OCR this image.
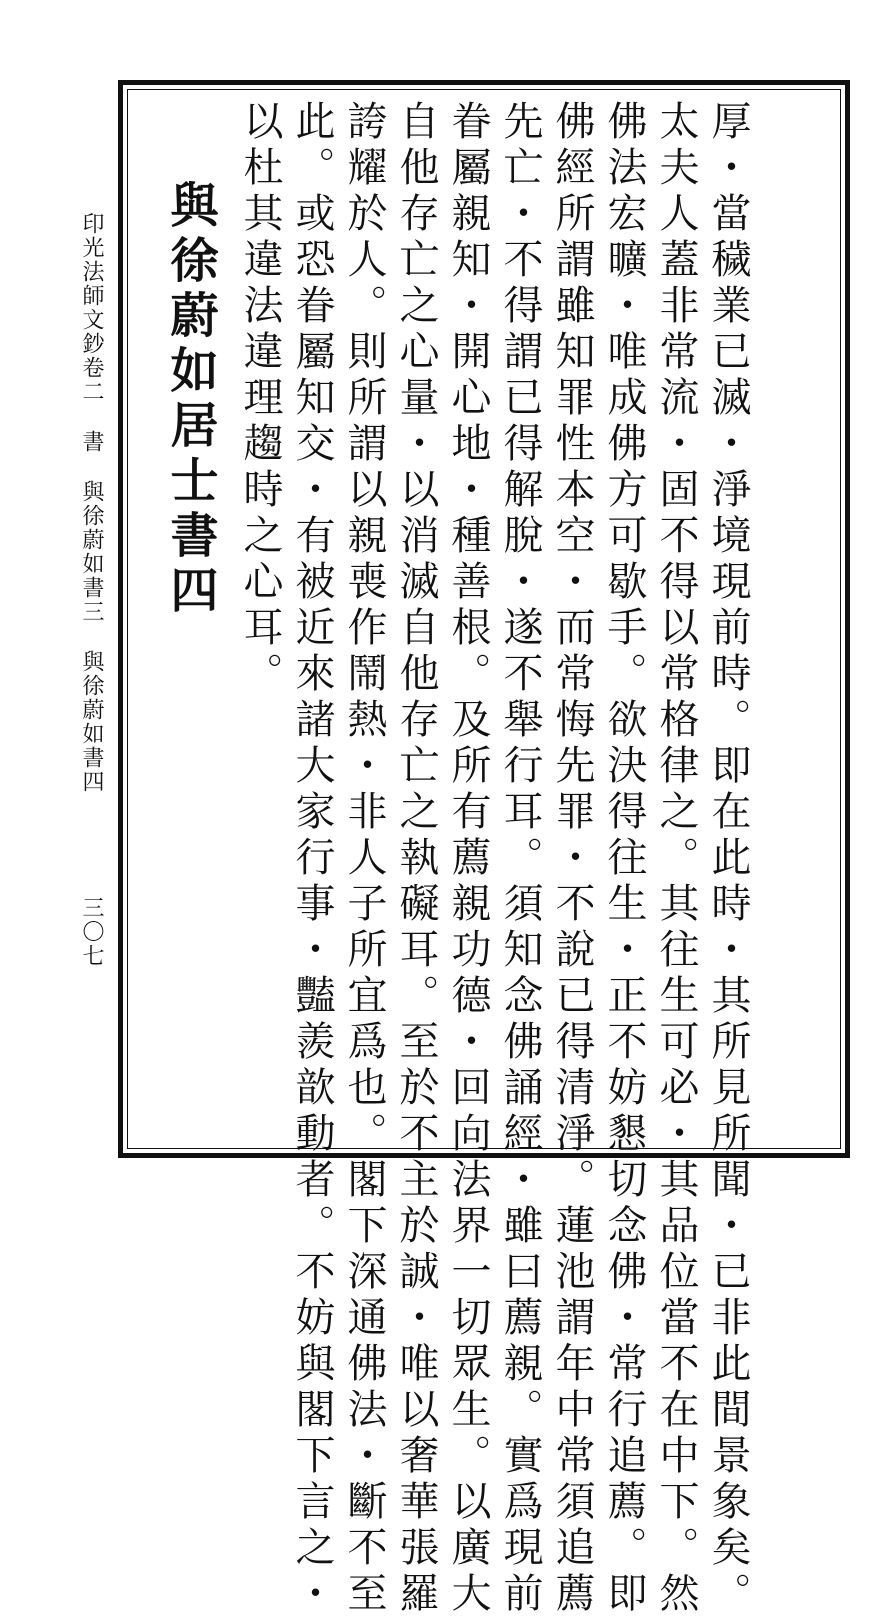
厚・當穢業已滅・淨境現前時。即在此時・其所見所聞・已非此間景象矣。
太夫人蓋非常流・固不得以常格律之。其往生可必・其品位當不在中下。然
佛法宏曠・唯成佛方可歇手。欲決得往生・正不妨懇切念佛・常行追薦。即
佛經所謂雖知罪性本空・而常悔先罪・不說已得清淨。蓮池謂年中常須追薦
先亡・不得謂已得解脫・遂不舉行耳。須知念佛誦經・雖曰薦親。實爲現前
眷屬親知・開心地・種善根。及所有薦親功德・回向法界一切眾生。以廣大
自他存亡之心量・以消滅自他存亡之執礙耳。至於不主於誠・唯以奢華張羅
誇耀於人。則所謂以親喪作鬧熱・非人子所宜爲也。閣下深通佛法・斷不至
此。或恐眷屬知交・有被近來諸大家行事・豔羨歆動者。不妨與閣下言之・
以杜其違法違理趨時之心耳。
與徐蔚如居士書四
印光法師文鈔卷二書與徐蔚如書三與徐蔚如書四
三〇七
